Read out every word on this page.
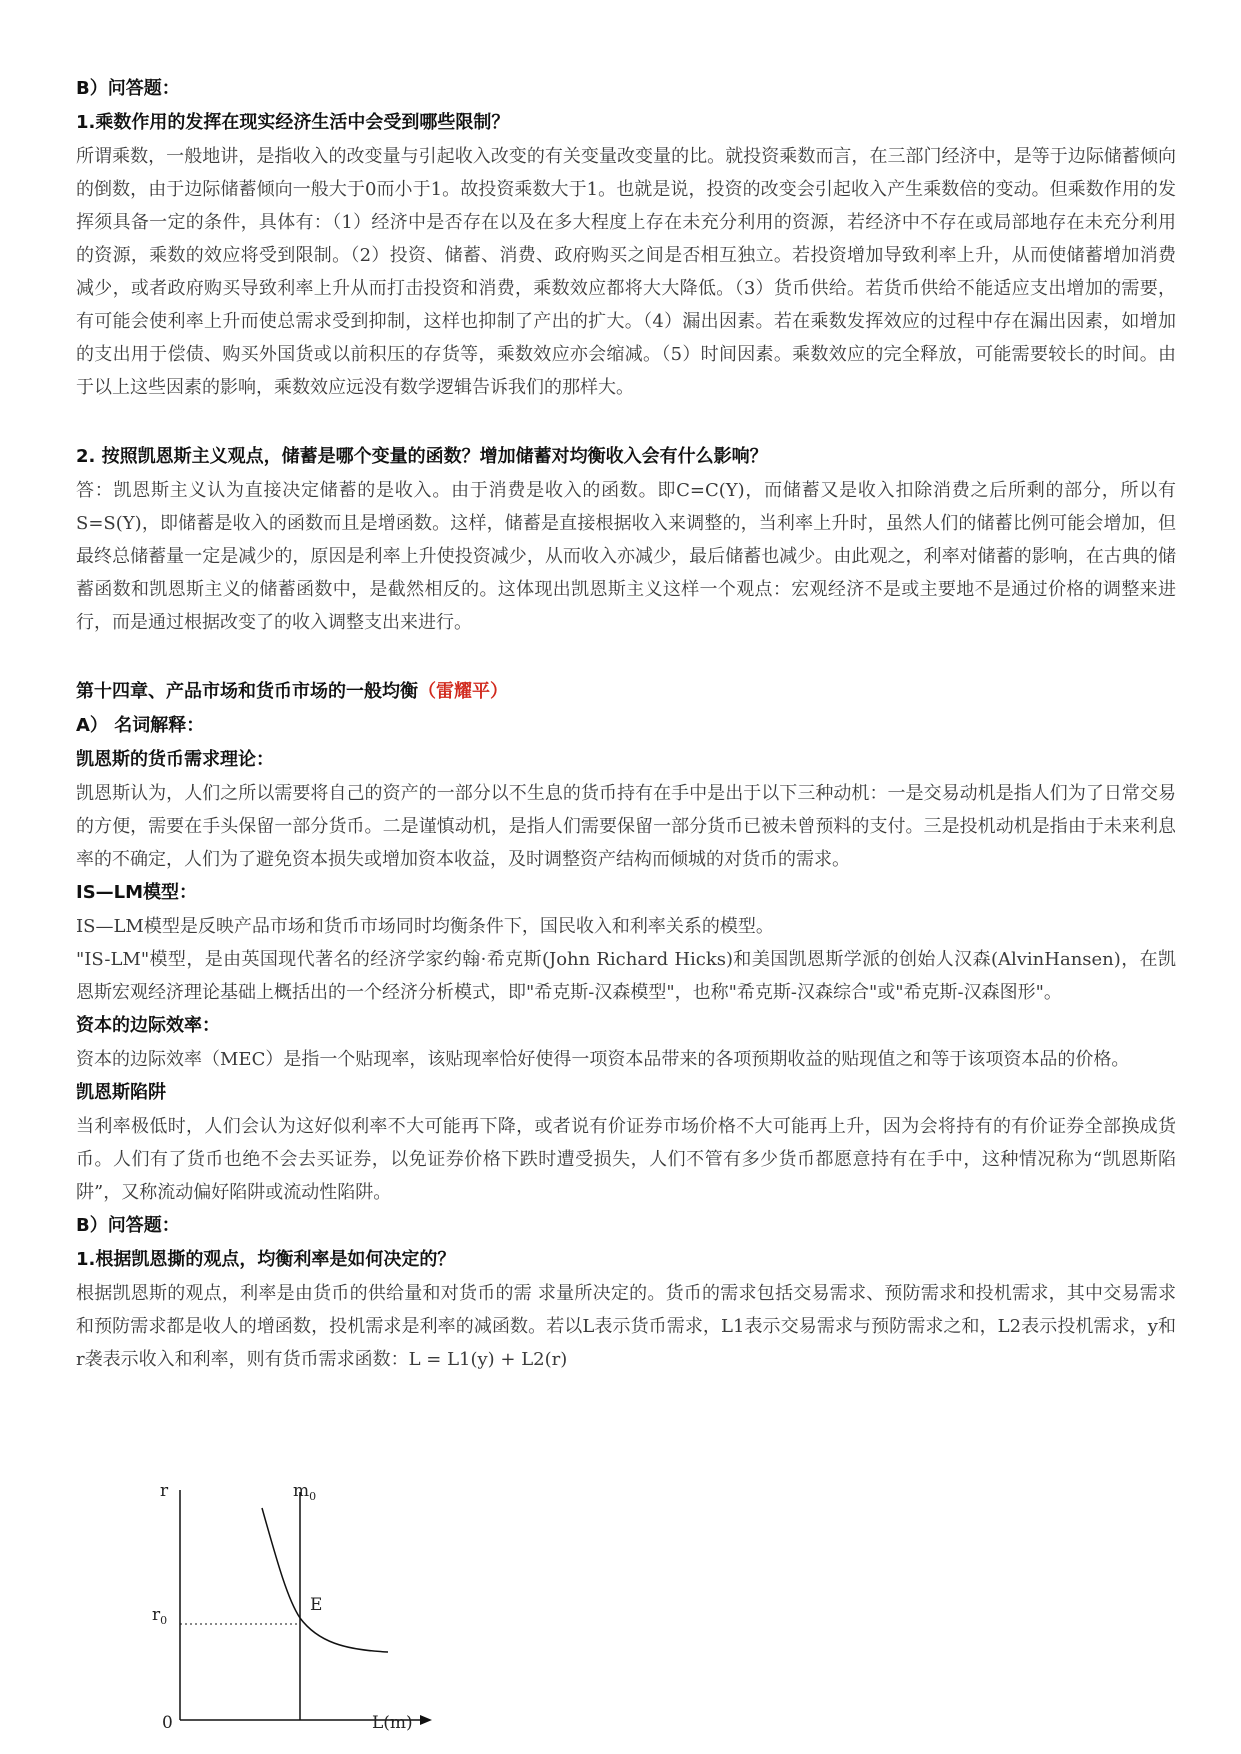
B）问答题：

1.乘数作用的发挥在现实经济生活中会受到哪些限制？

所谓乘数，一般地讲，是指收入的改变量与引起收入改变的有关变量改变量的比。就投资乘数而言，在三部门经济中，是等于边际储蓄倾向的倒数，由于边际储蓄倾向一般大于0而小于1。故投资乘数大于1。也就是说，投资的改变会引起收入产生乘数倍的变动。但乘数作用的发挥须具备一定的条件，具体有：（1）经济中是否存在以及在多大程度上存在未充分利用的资源，若经济中不存在或局部地存在未充分利用的资源，乘数的效应将受到限制。（2）投资、储蓄、消费、政府购买之间是否相互独立。若投资增加导致利率上升，从而使储蓄增加消费减少，或者政府购买导致利率上升从而打击投资和消费，乘数效应都将大大降低。（3）货币供给。若货币供给不能适应支出增加的需要，有可能会使利率上升而使总需求受到抑制，这样也抑制了产出的扩大。（4）漏出因素。若在乘数发挥效应的过程中存在漏出因素，如增加的支出用于偿债、购买外国货或以前积压的存货等，乘数效应亦会缩减。（5）时间因素。乘数效应的完全释放，可能需要较长的时间。由于以上这些因素的影响，乘数效应远没有数学逻辑告诉我们的那样大。

2. 按照凯恩斯主义观点，储蓄是哪个变量的函数？增加储蓄对均衡收入会有什么影响？

答：凯恩斯主义认为直接决定储蓄的是收入。由于消费是收入的函数。即C=C(Y)，而储蓄又是收入扣除消费之后所剩的部分，所以有S=S(Y)，即储蓄是收入的函数而且是增函数。这样，储蓄是直接根据收入来调整的，当利率上升时，虽然人们的储蓄比例可能会增加，但最终总储蓄量一定是减少的，原因是利率上升使投资减少，从而收入亦减少，最后储蓄也减少。由此观之，利率对储蓄的影响，在古典的储蓄函数和凯恩斯主义的储蓄函数中，是截然相反的。这体现出凯恩斯主义这样一个观点：宏观经济不是或主要地不是通过价格的调整来进行，而是通过根据改变了的收入调整支出来进行。

第十四章、产品市场和货币市场的一般均衡（雷耀平）

A） 名词解释：

凯恩斯的货币需求理论：

凯恩斯认为，人们之所以需要将自己的资产的一部分以不生息的货币持有在手中是出于以下三种动机：一是交易动机是指人们为了日常交易的方便，需要在手头保留一部分货币。二是谨慎动机，是指人们需要保留一部分货币已被未曾预料的支付。三是投机动机是指由于未来利息率的不确定，人们为了避免资本损失或增加资本收益，及时调整资产结构而倾城的对货币的需求。

IS—LM模型：

IS—LM模型是反映产品市场和货币市场同时均衡条件下，国民收入和利率关系的模型。

"IS-LM"模型，是由英国现代著名的经济学家约翰·希克斯(John Richard Hicks)和美国凯恩斯学派的创始人汉森(AlvinHansen)，在凯恩斯宏观经济理论基础上概括出的一个经济分析模式，即"希克斯-汉森模型"，也称"希克斯-汉森综合"或"希克斯-汉森图形"。

资本的边际效率：

资本的边际效率（MEC）是指一个贴现率，该贴现率恰好使得一项资本品带来的各项预期收益的贴现值之和等于该项资本品的价格。

凯恩斯陷阱

当利率极低时，人们会认为这好似利率不大可能再下降，或者说有价证券市场价格不大可能再上升，因为会将持有的有价证券全部换成货币。人们有了货币也绝不会去买证券，以免证券价格下跌时遭受损失，人们不管有多少货币都愿意持有在手中，这种情况称为“凯恩斯陷阱”，又称流动偏好陷阱或流动性陷阱。

B）问答题：

1.根据凯恩撕的观点，均衡利率是如何决定的？

根据凯恩斯的观点，利率是由货币的供给量和对货币的需 求量所决定的。货币的需求包括交易需求、预防需求和投机需求，其中交易需求和预防需求都是收人的增函数，投机需求是利率的减函数。若以L表示货币需求，L1表示交易需求与预防需求之和，L2表示投机需求，y和r袭表示收入和利率，则有货币需求函数：L = L1(y) + L2(r)

r	$m_0$
$r_0$
E
0	L(m)
